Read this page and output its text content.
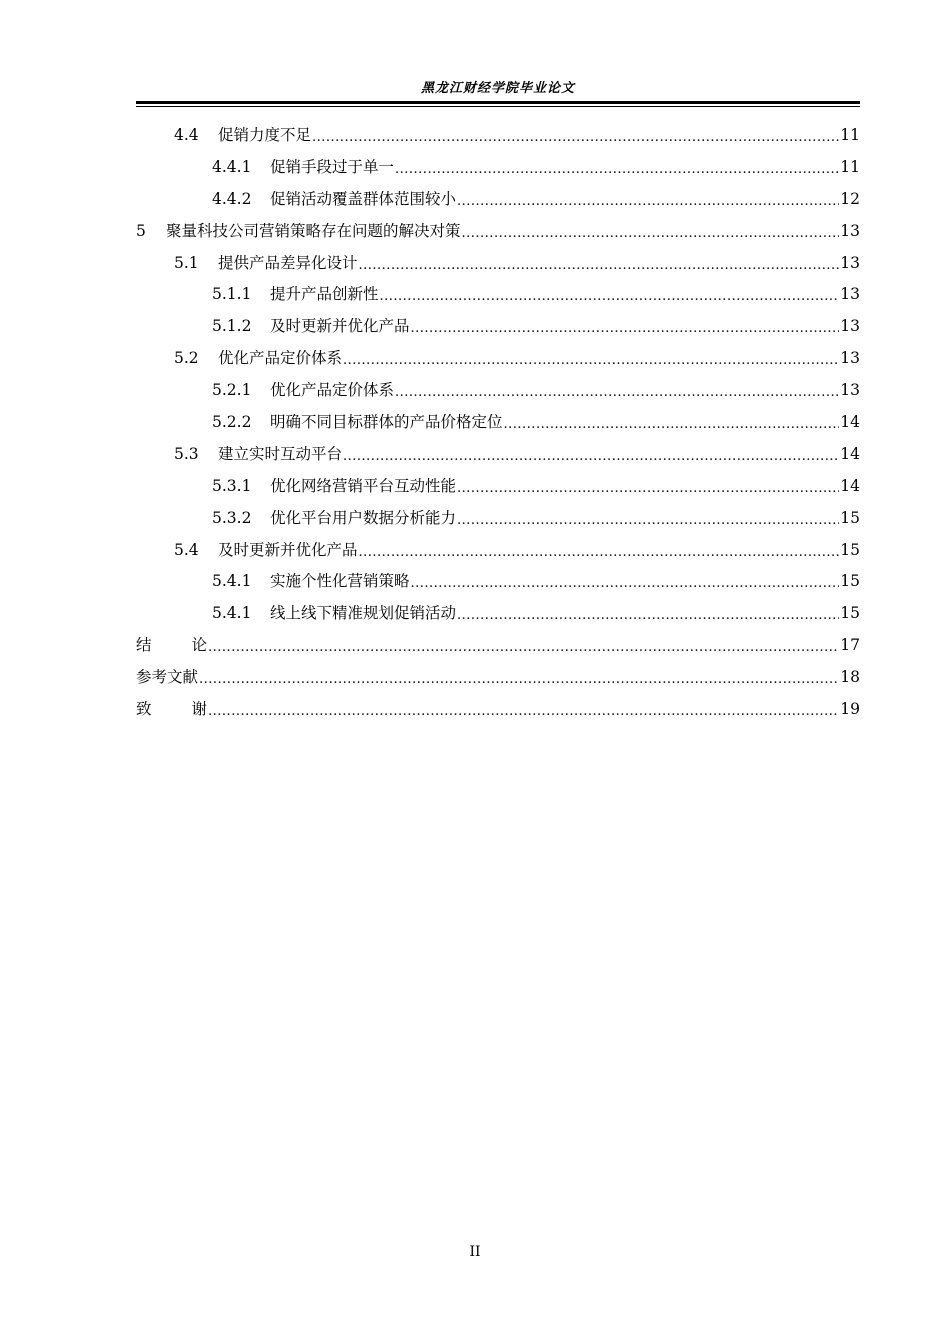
黑龙江财经学院毕业论文
4.4	促销力度不足 .....	11
4.4.1	促销手段过于单一 .....	11
4.4.2	促销活动覆盖群体范围较小 .....	12
5	聚量科技公司营销策略存在问题的解决对策 .....	13
5.1	提供产品差异化设计 .....	13
5.1.1	提升产品创新性 .....	13
5.1.2	及时更新并优化产品 .....	13
5.2	优化产品定价体系 .....	13
5.2.1	优化产品定价体系 .....	13
5.2.2	明确不同目标群体的产品价格定位 .....	14
5.3	建立实时互动平台 .....	14
5.3.1	优化网络营销平台互动性能 .....	14
5.3.2	优化平台用户数据分析能力 .....	15
5.4	及时更新并优化产品 .....	15
5.4.1	实施个性化营销策略 .....	15
5.4.1	线上线下精准规划促销活动 .....	15
结论 .....	17
参考文献 .....	18
致谢 .....	19
II
